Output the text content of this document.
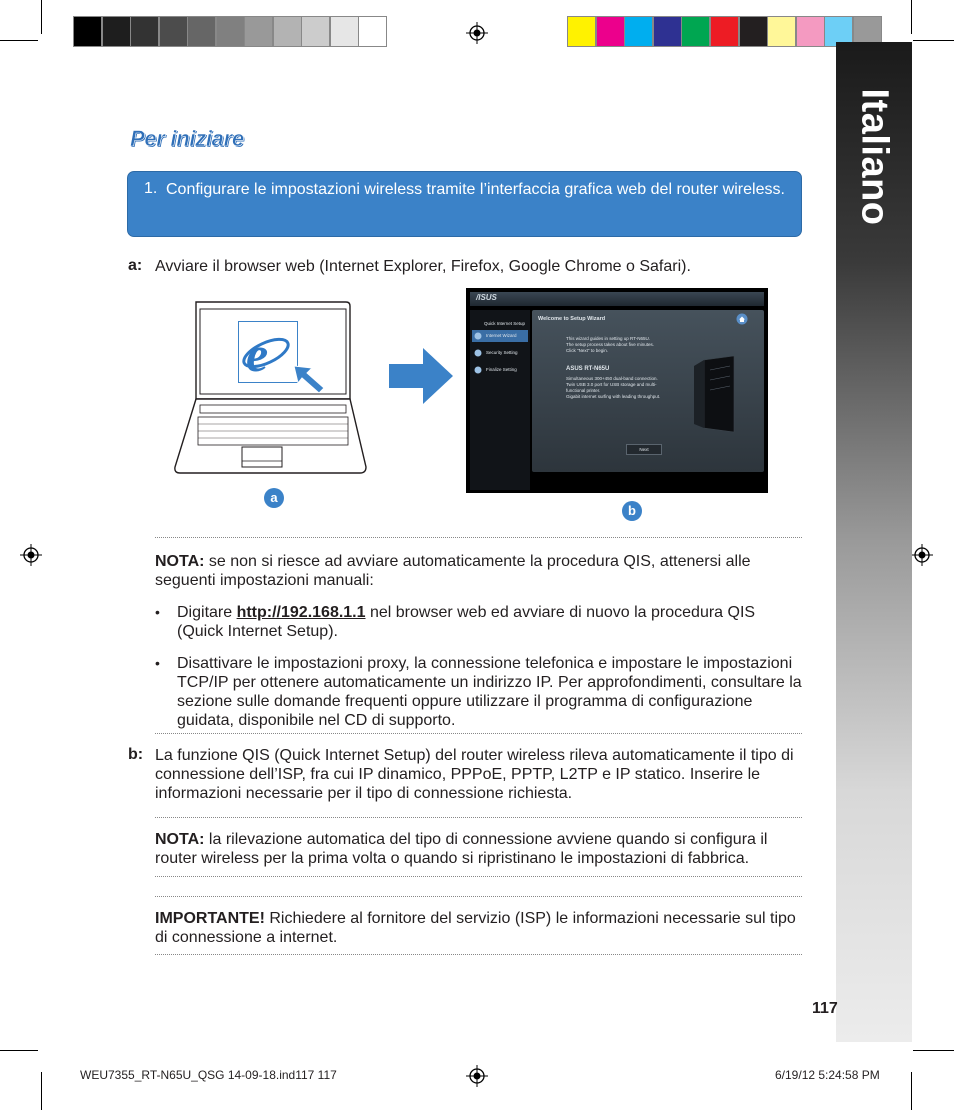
Italiano
117
Per iniziare
1. Configurare le impostazioni wireless tramite l’interfaccia grafica web del router wireless.
a: Avviare il browser web (Internet Explorer, Firefox, Google Chrome o Safari).
e
a
/ISUS
Quick Internet Setup
Internet Wizard
Security Setting
Finalize Setting
Welcome to Setup Wizard
This wizard guides in setting up RT-N65U.
The setup process takes about five minutes.
Click "Next" to begin.
ASUS RT-N65U
Simultaneous 300+450 dual-band connection.
Twin USB 3.0 port for USB storage and multi-
functional printer.
Gigabit internet surfing with leading throughput.
Next
b
NOTA: se non si riesce ad avviare automaticamente la procedura QIS, attenersi alle seguenti impostazioni manuali:
• Digitare http://192.168.1.1 nel browser web ed avviare di nuovo la procedura QIS (Quick Internet Setup).
• Disattivare le impostazioni proxy, la connessione telefonica e impostare le impostazioni TCP/IP per ottenere automaticamente un indirizzo IP. Per approfondimenti, consultare la sezione sulle domande frequenti oppure utilizzare il programma di configurazione guidata, disponibile nel CD di supporto.
b: La funzione QIS (Quick Internet Setup) del router wireless rileva automaticamente il tipo di connessione dell’ISP, fra cui IP dinamico, PPPoE, PPTP, L2TP e IP statico. Inserire le informazioni necessarie per il tipo di connessione richiesta.
NOTA: la rilevazione automatica del tipo di connessione avviene quando si configura il router wireless per la prima volta o quando si ripristinano le impostazioni di fabbrica.
IMPORTANTE! Richiedere al fornitore del servizio (ISP) le informazioni necessarie sul tipo di connessione a internet.
WEU7355_RT-N65U_QSG 14-09-18.ind117 117	6/19/12 5:24:58 PM
